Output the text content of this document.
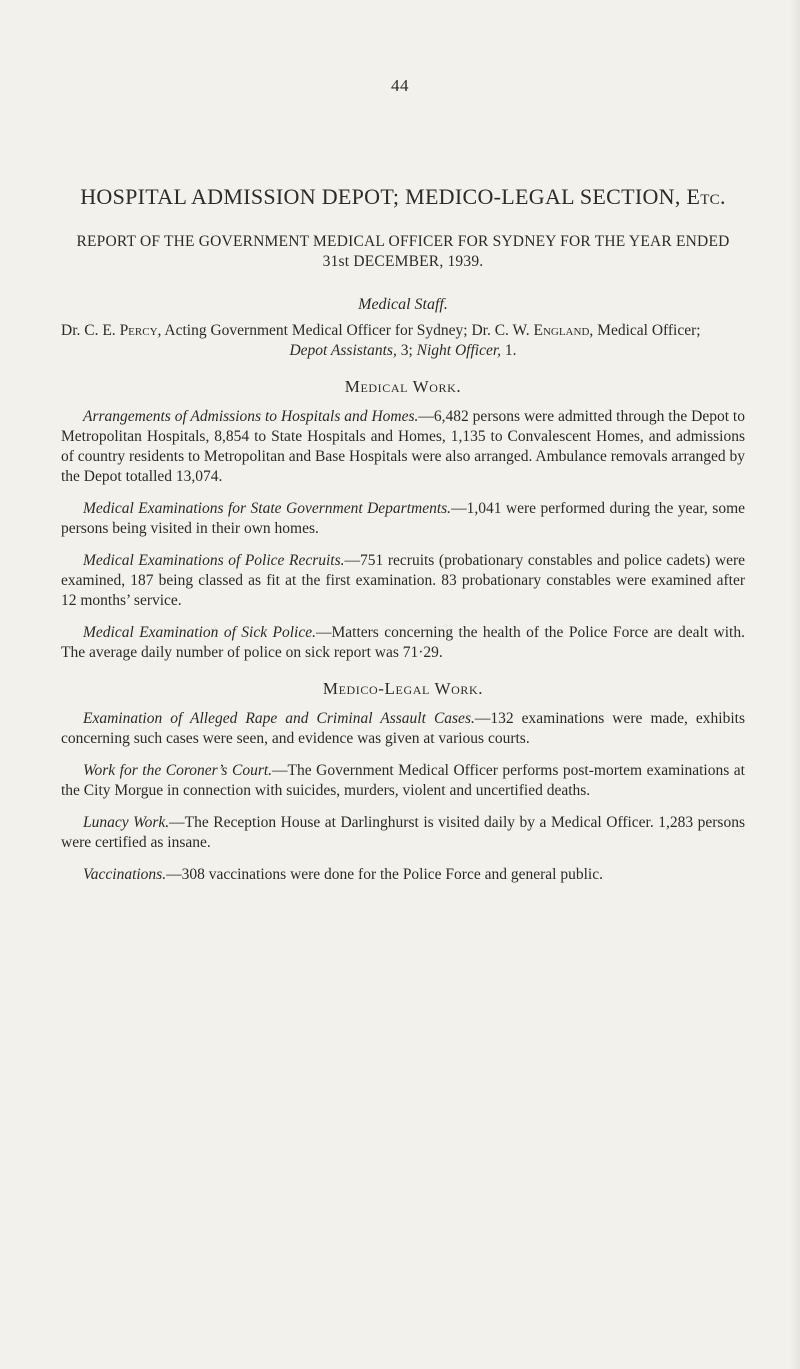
44
HOSPITAL ADMISSION DEPOT; MEDICO-LEGAL SECTION, Etc.

REPORT OF THE GOVERNMENT MEDICAL OFFICER FOR SYDNEY FOR THE YEAR ENDED
31st DECEMBER, 1939.

Medical Staff.

Dr. C. E. Percy, Acting Government Medical Officer for Sydney; Dr. C. W. England, Medical Officer;
Depot Assistants, 3; Night Officer, 1.

Medical Work.

Arrangements of Admissions to Hospitals and Homes.—6,482 persons were admitted through the Depot to Metropolitan Hospitals, 8,854 to State Hospitals and Homes, 1,135 to Convalescent Homes, and admissions of country residents to Metropolitan and Base Hospitals were also arranged. Ambulance removals arranged by the Depot totalled 13,074.

Medical Examinations for State Government Departments.—1,041 were performed during the year, some persons being visited in their own homes.

Medical Examinations of Police Recruits.—751 recruits (probationary constables and police cadets) were examined, 187 being classed as fit at the first examination. 83 probationary constables were examined after 12 months’ service.

Medical Examination of Sick Police.—Matters concerning the health of the Police Force are dealt with. The average daily number of police on sick report was 71·29.

Medico-Legal Work.

Examination of Alleged Rape and Criminal Assault Cases.—132 examinations were made, exhibits concerning such cases were seen, and evidence was given at various courts.

Work for the Coroner’s Court.—The Government Medical Officer performs post-mortem examinations at the City Morgue in connection with suicides, murders, violent and uncertified deaths.

Lunacy Work.—The Reception House at Darlinghurst is visited daily by a Medical Officer. 1,283 persons were certified as insane.

Vaccinations.—308 vaccinations were done for the Police Force and general public.
